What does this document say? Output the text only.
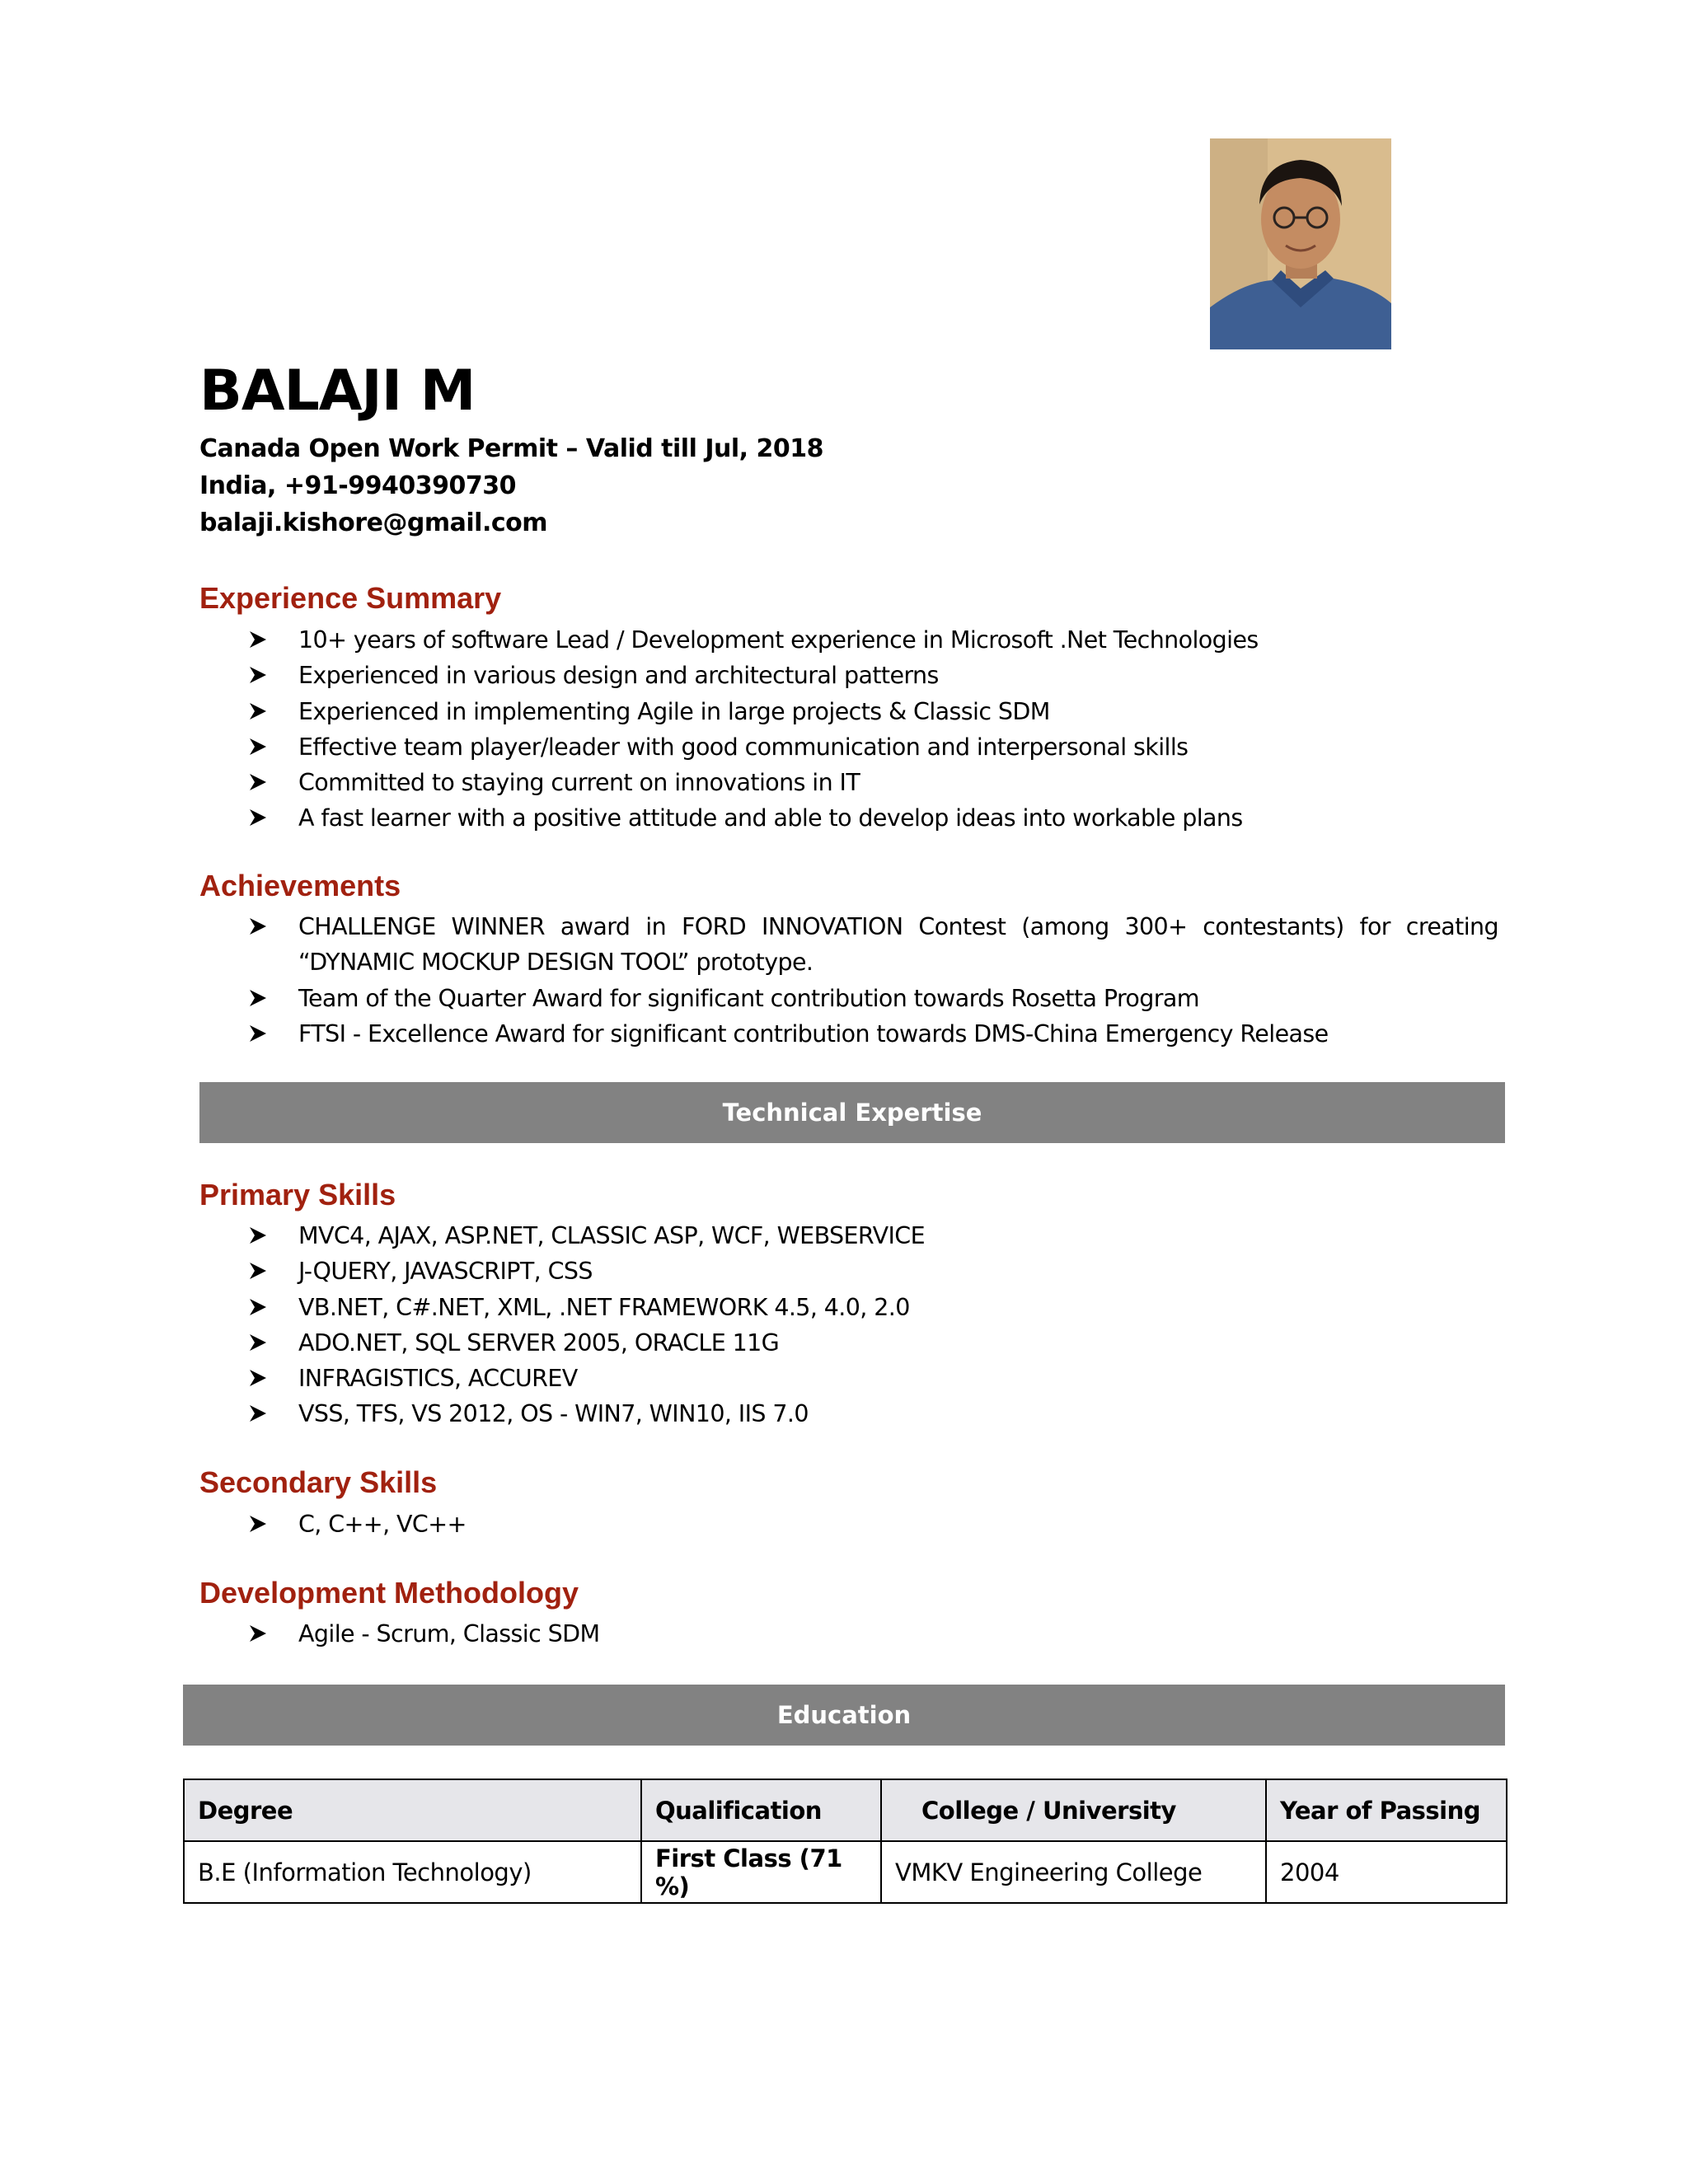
BALAJI M
Canada Open Work Permit – Valid till Jul, 2018
India, +91-9940390730
balaji.kishore@gmail.com
Experience Summary
10+ years of software Lead / Development experience in Microsoft .Net Technologies
Experienced in various design and architectural patterns
Experienced in implementing Agile in large projects & Classic SDM
Effective team player/leader with good communication and interpersonal skills
Committed to staying current on innovations in IT
A fast learner with a positive attitude and able to develop ideas into workable plans
Achievements
CHALLENGE WINNER award in FORD INNOVATION Contest (among 300+ contestants) for creating “DYNAMIC MOCKUP DESIGN TOOL” prototype.
Team of the Quarter Award for significant contribution towards Rosetta Program
FTSI - Excellence Award for significant contribution towards DMS-China Emergency Release
Technical Expertise
Primary Skills
MVC4, AJAX, ASP.NET, CLASSIC ASP, WCF, WEBSERVICE
J-QUERY, JAVASCRIPT, CSS
VB.NET, C#.NET, XML, .NET FRAMEWORK 4.5, 4.0, 2.0
ADO.NET, SQL SERVER 2005, ORACLE 11G
INFRAGISTICS, ACCUREV
VSS, TFS, VS 2012, OS - WIN7, WIN10, IIS 7.0
Secondary Skills
C, C++, VC++
Development Methodology
Agile - Scrum, Classic SDM
Education
Degree	Qualification	College / University	Year of Passing
B.E (Information Technology)	First Class (71 %)	VMKV Engineering College	2004
